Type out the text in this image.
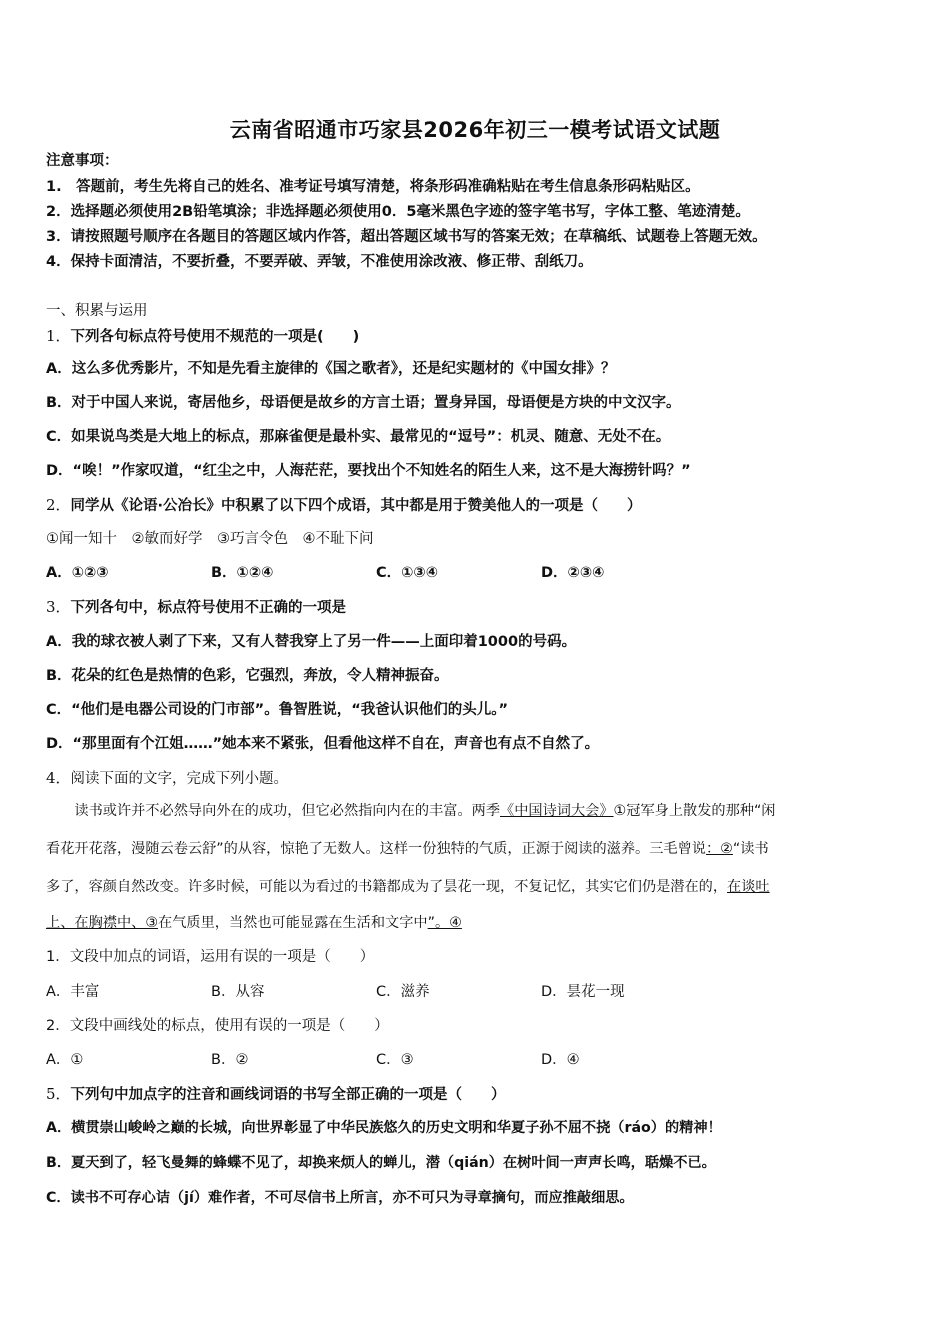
云南省昭通市巧家县2026年初三一模考试语文试题
注意事项：
1.　答题前，考生先将自己的姓名、准考证号填写清楚，将条形码准确粘贴在考生信息条形码粘贴区。
2．选择题必须使用2B铅笔填涂；非选择题必须使用0．5毫米黑色字迹的签字笔书写，字体工整、笔迹清楚。
3．请按照题号顺序在各题目的答题区域内作答，超出答题区域书写的答案无效；在草稿纸、试题卷上答题无效。
4．保持卡面清洁，不要折叠，不要弄破、弄皱，不准使用涂改液、修正带、刮纸刀。
一、积累与运用
1．下列各句标点符号使用不规范的一项是(　　)
A．这么多优秀影片，不知是先看主旋律的《国之歌者》，还是纪实题材的《中国女排》？
B．对于中国人来说，寄居他乡，母语便是故乡的方言土语；置身异国，母语便是方块的中文汉字。
C．如果说鸟类是大地上的标点，那麻雀便是最朴实、最常见的“逗号”：机灵、随意、无处不在。
D．“唉！”作家叹道，“红尘之中，人海茫茫，要找出个不知姓名的陌生人来，这不是大海捞针吗？”
2．同学从《论语·公冶长》中积累了以下四个成语，其中都是用于赞美他人的一项是（　　）
①闻一知十　②敏而好学　③巧言令色　④不耻下问
A．①②③	B．①②④	C．①③④	D．②③④
3．下列各句中，标点符号使用不正确的一项是
A．我的球衣被人剥了下来，又有人替我穿上了另一件——上面印着1000的号码。
B．花朵的红色是热情的色彩，它强烈，奔放，令人精神振奋。
C．“他们是电器公司设的门市部”。鲁智胜说，“我爸认识他们的头儿。”
D．“那里面有个江姐……”她本来不紧张，但看他这样不自在，声音也有点不自然了。
4．阅读下面的文字，完成下列小题。
　　读书或许并不必然导向外在的成功，但它必然指向内在的丰富。两季《中国诗词大会》①冠军身上散发的那种“闲
看花开花落，漫随云卷云舒”的从容，惊艳了无数人。这样一份独特的气质，正源于阅读的滋养。三毛曾说：②“读书
多了，容颜自然改变。许多时候，可能以为看过的书籍都成为了昙花一现，不复记忆，其实它们仍是潜在的，在谈吐
上、在胸襟中、③在气质里，当然也可能显露在生活和文字中”。④
1．文段中加点的词语，运用有误的一项是（　　）
A．丰富	B．从容	C．滋养	D．昙花一现
2．文段中画线处的标点，使用有误的一项是（　　）
A．①	B．②	C．③	D．④
5．下列句中加点字的注音和画线词语的书写全部正确的一项是（　　）
A．横贯崇山峻岭之巅的长城，向世界彰显了中华民族悠久的历史文明和华夏子孙不屈不挠（ráo）的精神！
B．夏天到了，轻飞曼舞的蜂蝶不见了，却换来烦人的蝉儿，潜（qián）在树叶间一声声长鸣，聒燥不已。
C．读书不可存心诘（jí）难作者，不可尽信书上所言，亦不可只为寻章摘句，而应推敲细思。
